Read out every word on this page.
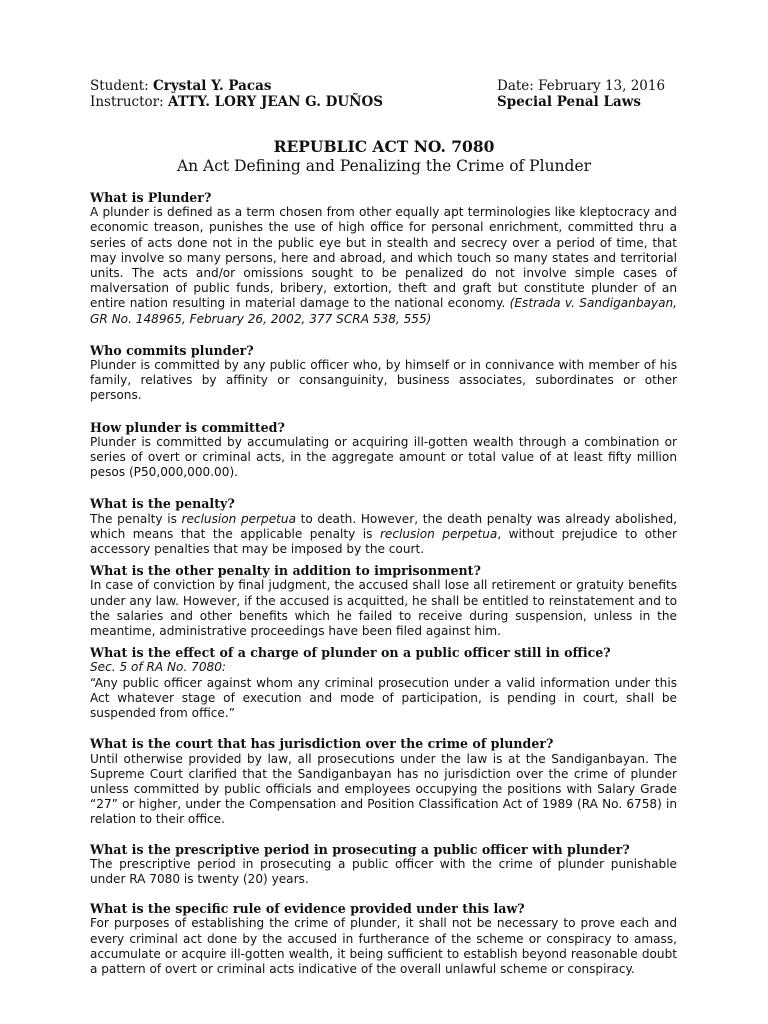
Student: Crystal Y. Pacas
Instructor: ATTY. LORY JEAN G. DUÑOS
Date: February 13, 2016
Special Penal Laws
REPUBLIC ACT NO. 7080
An Act Defining and Penalizing the Crime of Plunder

What is Plunder?

A plunder is defined as a term chosen from other equally apt terminologies like kleptocracy and economic treason, punishes the use of high office for personal enrichment, committed thru a series of acts done not in the public eye but in stealth and secrecy over a period of time, that may involve so many persons, here and abroad, and which touch so many states and territorial units. The acts and/or omissions sought to be penalized do not involve simple cases of malversation of public funds, bribery, extortion, theft and graft but constitute plunder of an entire nation resulting in material damage to the national economy. (Estrada v. Sandiganbayan, GR No. 148965, February 26, 2002, 377 SCRA 538, 555)

Who commits plunder?

Plunder is committed by any public officer who, by himself or in connivance with member of his family, relatives by affinity or consanguinity, business associates, subordinates or other persons.

How plunder is committed?

Plunder is committed by accumulating or acquiring ill-gotten wealth through a combination or series of overt or criminal acts, in the aggregate amount or total value of at least fifty million pesos (P50,000,000.00).

What is the penalty?

The penalty is reclusion perpetua to death. However, the death penalty was already abolished, which means that the applicable penalty is reclusion perpetua, without prejudice to other accessory penalties that may be imposed by the court.

What is the other penalty in addition to imprisonment?

In case of conviction by final judgment, the accused shall lose all retirement or gratuity benefits under any law. However, if the accused is acquitted, he shall be entitled to reinstatement and to the salaries and other benefits which he failed to receive during suspension, unless in the meantime, administrative proceedings have been filed against him.

What is the effect of a charge of plunder on a public officer still in office?

Sec. 5 of RA No. 7080:

“Any public officer against whom any criminal prosecution under a valid information under this Act whatever stage of execution and mode of participation, is pending in court, shall be suspended from office.”

What is the court that has jurisdiction over the crime of plunder?

Until otherwise provided by law, all prosecutions under the law is at the Sandiganbayan. The Supreme Court clarified that the Sandiganbayan has no jurisdiction over the crime of plunder unless committed by public officials and employees occupying the positions with Salary Grade “27” or higher, under the Compensation and Position Classification Act of 1989 (RA No. 6758) in relation to their office.

What is the prescriptive period in prosecuting a public officer with plunder?

The prescriptive period in prosecuting a public officer with the crime of plunder punishable under RA 7080 is twenty (20) years.

What is the specific rule of evidence provided under this law?

For purposes of establishing the crime of plunder, it shall not be necessary to prove each and every criminal act done by the accused in furtherance of the scheme or conspiracy to amass, accumulate or acquire ill-gotten wealth, it being sufficient to establish beyond reasonable doubt a pattern of overt or criminal acts indicative of the overall unlawful scheme or conspiracy.
